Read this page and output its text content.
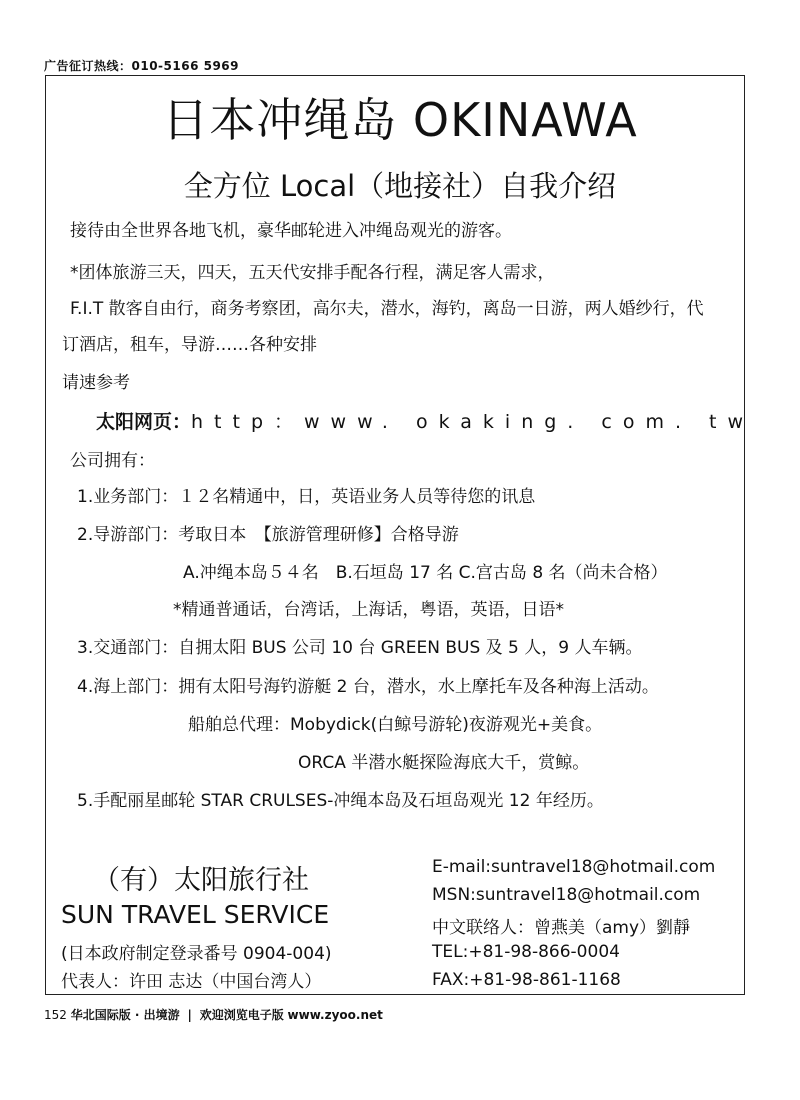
广告征订热线：010-5166 5969
日本冲绳岛 OKINAWA
全方位 Local（地接社）自我介绍
接待由全世界各地飞机，豪华邮轮进入冲绳岛观光的游客。
*团体旅游三天，四天，五天代安排手配各行程，满足客人需求，
F.I.T 散客自由行，商务考察团，高尔夫，潜水，海钓，离岛一日游，两人婚纱行，代
订酒店，租车，导游……各种安排
请速参考
太阳网页：http：www. okaking. com. tw
公司拥有：
1.业务部门：１２名精通中，日，英语业务人员等待您的讯息
2.导游部门：考取日本　【旅游管理研修】合格导游
A.冲绳本岛５４名　B.石垣岛 17 名 C.宫古岛 8 名（尚未合格）
*精通普通话，台湾话，上海话，粤语，英语，日语*
3.交通部门：自拥太阳 BUS 公司 10 台 GREEN BUS 及 5 人，9 人车辆。
4.海上部门：拥有太阳号海钓游艇 2 台，潜水，水上摩托车及各种海上活动。
船舶总代理：Mobydick(白鲸号游轮)夜游观光+美食。
ORCA 半潜水艇探险海底大千，赏鲸。
5.手配丽星邮轮 STAR CRULSES-冲绳本岛及石垣岛观光 12 年经历。
（有）太阳旅行社
SUN TRAVEL SERVICE
(日本政府制定登录番号 0904-004)
代表人：许田 志达（中国台湾人）
E-mail:suntravel18@hotmail.com
MSN:suntravel18@hotmail.com
中文联络人：曾燕美（amy）劉靜
TEL:+81-98-866-0004
FAX:+81-98-861-1168
152 华北国际版 · 出境游 | 欢迎浏览电子版 www.zyoo.net
